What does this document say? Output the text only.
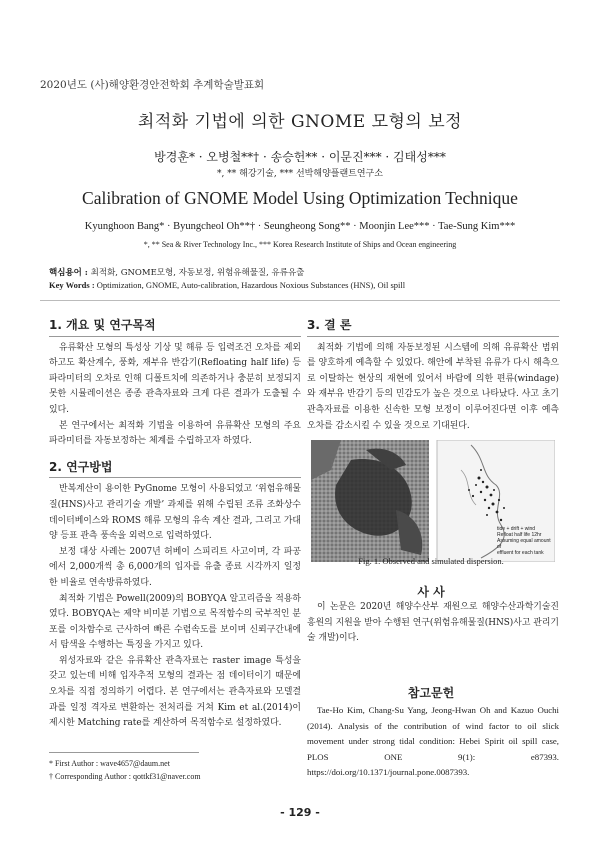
2020년도 (사)해양환경안전학회 추계학술발표회
최적화 기법에 의한 GNOME 모형의 보정
방경훈* · 오병철**† · 송승헌** · 이문진*** · 김태성***
*, ** 해강기술, *** 선박해양플랜트연구소
Calibration of GNOME Model Using Optimization Technique
Kyunghoon Bang* · Byungcheol Oh**† · Seungheong Song** · Moonjin Lee*** · Tae-Sung Kim***
*, ** Sea & River Technology Inc., *** Korea Research Institute of Ships and Ocean engineering
핵심용어 : 최적화, GNOME모형, 자동보정, 위험유해물질, 유류유출
Key Words : Optimization, GNOME, Auto-calibration, Hazardous Noxious Substances (HNS), Oil spill
1. 개요 및 연구목적

유류확산 모형의 특성상 기상 및 해류 등 입력조건 오차를 제외하고도 확산계수, 풍화, 재부유 반감기(Refloating half life) 등 파라미터의 오차로 인해 디폴트치에 의존하거나 충분히 보정되지 못한 시뮬레이션은 종종 관측자료와 크게 다른 결과가 도출될 수 있다.

본 연구에서는 최적화 기법을 이용하여 유류확산 모형의 주요 파라미터를 자동보정하는 체계를 수립하고자 하였다.

2. 연구방법

반복계산이 용이한 PyGnome 모형이 사용되었고 ‘위험유해물질(HNS)사고 관리기술 개발’ 과제를 위해 수립된 조류 조화상수 데이터베이스와 ROMS 해류 모형의 유속 계산 결과, 그리고 가대양 등표 관측 풍속을 외력으로 입력하였다.

보정 대상 사례는 2007년 허베이 스피리트 사고이며, 각 파공에서 2,000개씩 총 6,000개의 입자를 유출 종료 시각까지 일정한 비율로 연속방류하였다.

최적화 기법은 Powell(2009)의 BOBYQA 알고리즘을 적용하였다. BOBYQA는 제약 비미분 기법으로 목적함수의 국부적인 분포를 이차함수로 근사하여 빠른 수렴속도를 보이며 신뢰구간내에서 탐색을 수행하는 특징을 가지고 있다.

위성자료와 같은 유류확산 관측자료는 raster image 특성을 갖고 있는데 비해 입자추적 모형의 결과는 점 데이터이기 때문에 오차를 직접 정의하기 어렵다. 본 연구에서는 관측자료와 모델결과를 일정 격자로 변환하는 전처리를 거쳐 Kim et al.(2014)이 제시한 Matching rate를 계산하여 목적함수로 설정하였다.

* First Author : wave4657@daum.net
† Corresponding Author : qottkf31@naver.com
3. 결 론

최적화 기법에 의해 자동보정된 시스템에 의해 유류확산 범위를 양호하게 예측할 수 있었다. 해안에 부착된 유류가 다시 해측으로 이탈하는 현상의 재현에 있어서 바람에 의한 편류(windage)와 재부유 반감기 등의 민감도가 높은 것으로 나타났다. 사고 초기 관측자료를 이용한 신속한 모형 보정이 이루어진다면 이후 예측 오차를 감소시킬 수 있을 것으로 기대된다.

tide + drift + wind
Refloat half life 12hr
Assuming equal amount of
effluent for each tank
Fig. 1. Observed and simulated dispersion.
사 사

이 논문은 2020년 해양수산부 재원으로 해양수산과학기술진흥원의 지원을 받아 수행된 연구(위험유해물질(HNS)사고 관리기술 개발)이다.

참고문헌

Tae-Ho Kim, Chang-Su Yang, Jeong-Hwan Oh and Kazuo Ouchi (2014). Analysis of the contribution of wind factor to oil slick movement under strong tidal condition: Hebei Spirit oil spill case, PLOS ONE 9(1): e87393. https://doi.org/10.1371/journal.pone.0087393.

- 129 -
